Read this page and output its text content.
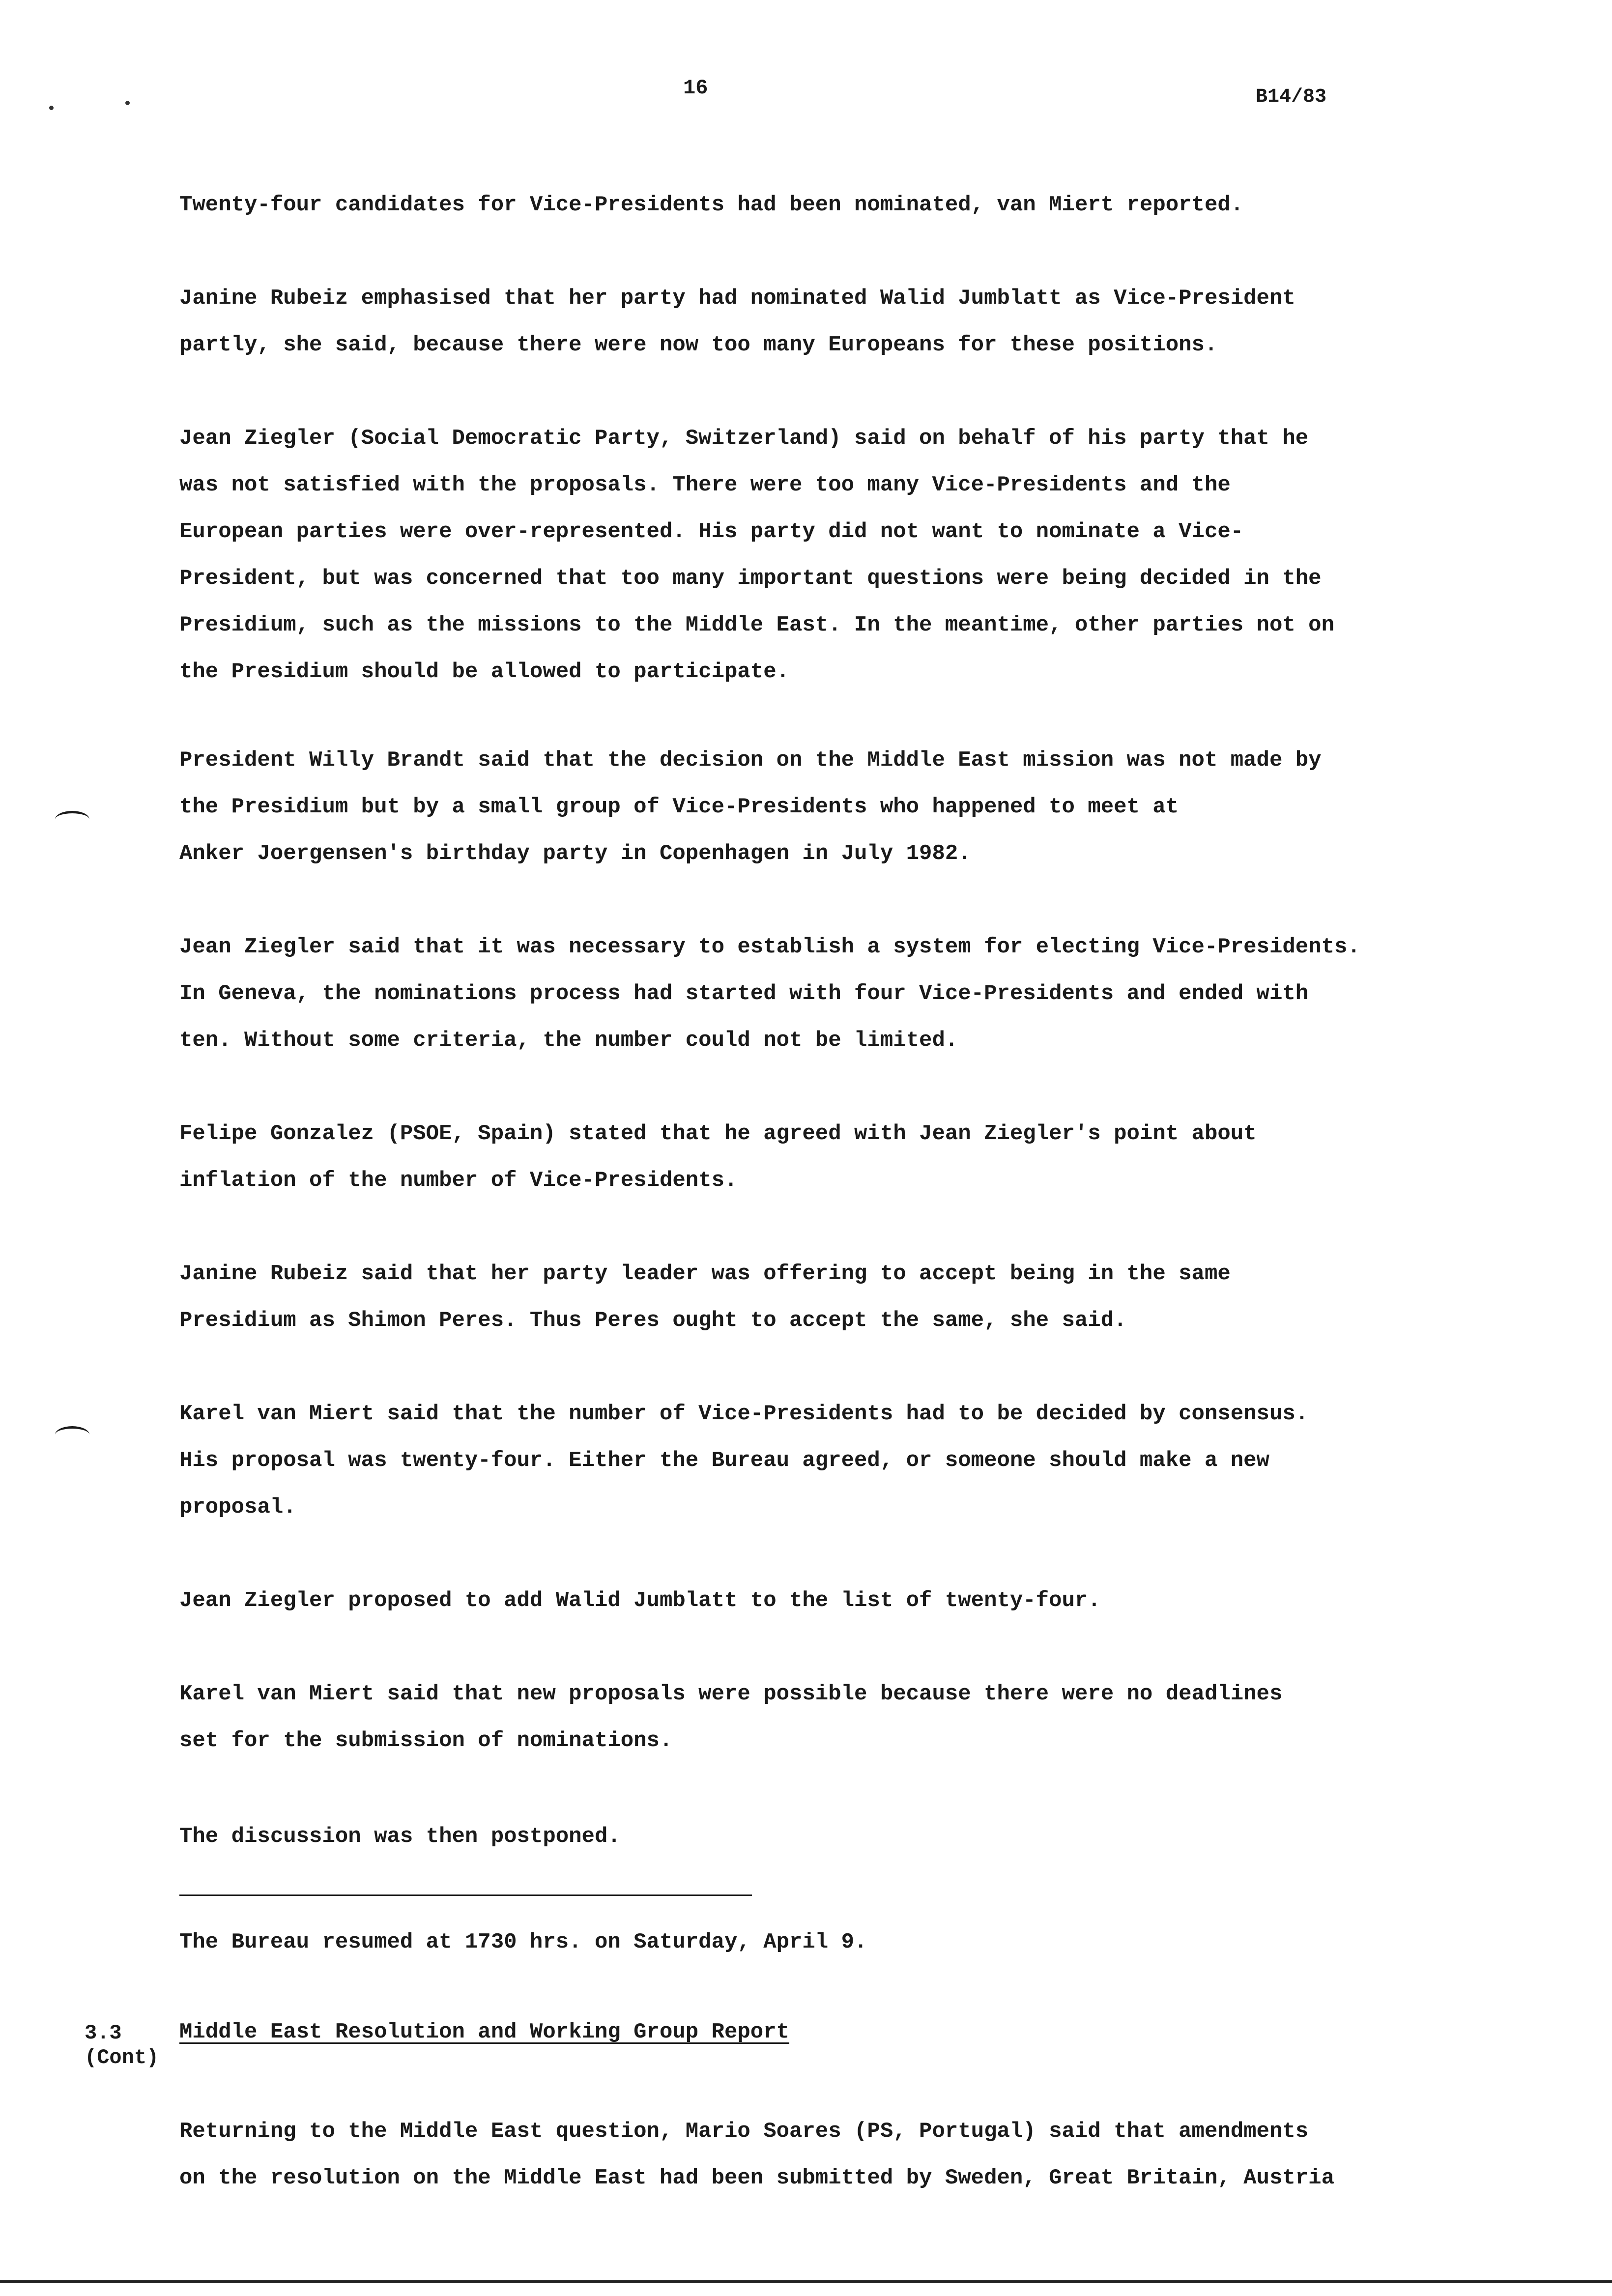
16	B14/83
Twenty-four candidates for Vice-Presidents had been nominated, van Miert reported.
Janine Rubeiz emphasised that her party had nominated Walid Jumblatt as Vice-President
partly, she said, because there were now too many Europeans for these positions.
Jean Ziegler (Social Democratic Party, Switzerland) said on behalf of his party that he
was not satisfied with the proposals. There were too many Vice-Presidents and the
European parties were over-represented. His party did not want to nominate a Vice-
President, but was concerned that too many important questions were being decided in the
Presidium, such as the missions to the Middle East. In the meantime, other parties not on
the Presidium should be allowed to participate.
President Willy Brandt said that the decision on the Middle East mission was not made by
the Presidium but by a small group of Vice-Presidents who happened to meet at
Anker Joergensen's birthday party in Copenhagen in July 1982.
Jean Ziegler said that it was necessary to establish a system for electing Vice-Presidents.
In Geneva, the nominations process had started with four Vice-Presidents and ended with
ten. Without some criteria, the number could not be limited.
Felipe Gonzalez (PSOE, Spain) stated that he agreed with Jean Ziegler's point about
inflation of the number of Vice-Presidents.
Janine Rubeiz said that her party leader was offering to accept being in the same
Presidium as Shimon Peres. Thus Peres ought to accept the same, she said.
Karel van Miert said that the number of Vice-Presidents had to be decided by consensus.
His proposal was twenty-four. Either the Bureau agreed, or someone should make a new
proposal.
Jean Ziegler proposed to add Walid Jumblatt to the list of twenty-four.
Karel van Miert said that new proposals were possible because there were no deadlines
set for the submission of nominations.
The discussion was then postponed.
The Bureau resumed at 1730 hrs. on Saturday, April 9.
Returning to the Middle East question, Mario Soares (PS, Portugal) said that amendments
on the resolution on the Middle East had been submitted by Sweden, Great Britain, Austria
3.3
(Cont)
Middle East Resolution and Working Group Report
